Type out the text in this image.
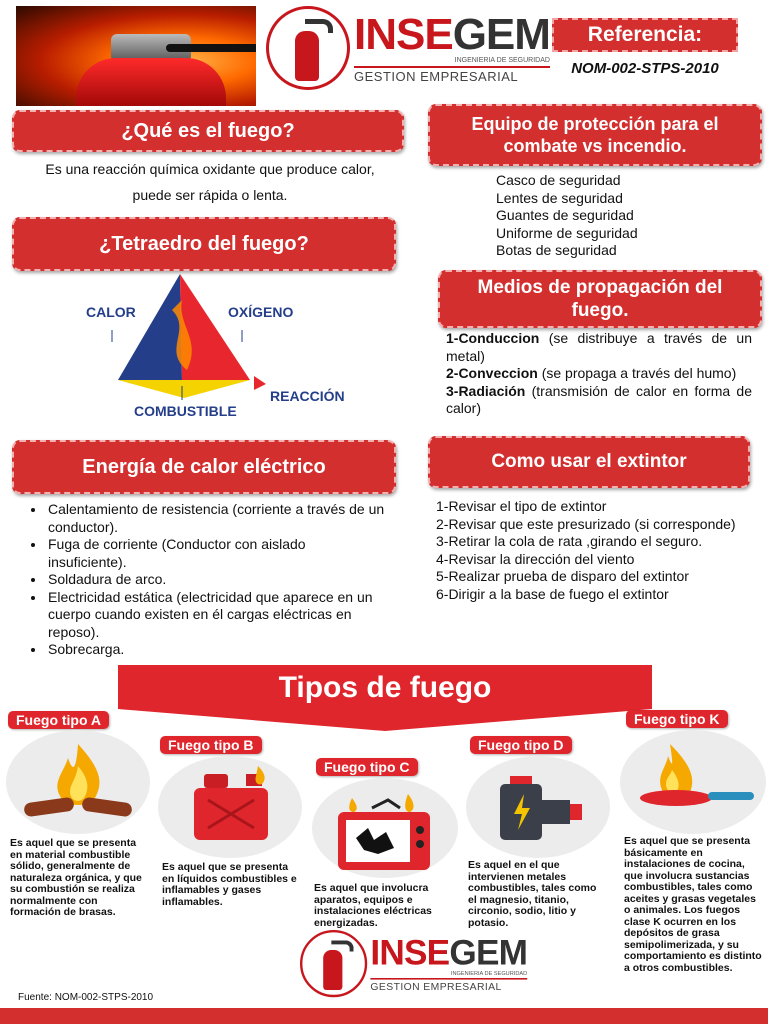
INSEGEM
INGENIERIA DE SEGURIDAD
GESTION EMPRESARIAL
Referencia:
NOM-002-STPS-2010
¿Qué es el fuego?
Es una reacción química oxidante que produce calor, puede ser rápida o lenta.
¿Tetraedro del fuego?
CALOR	OXÍGENO
COMBUSTIBLE
REACCIÓN
Energía de calor eléctrico
• Calentamiento de resistencia (corriente a través de un conductor).
• Fuga de corriente (Conductor con aislado insuficiente).
• Soldadura de arco.
• Electricidad estática (electricidad que aparece en un cuerpo cuando existen en él cargas eléctricas en reposo).
• Sobrecarga.
Equipo de protección para el combate vs incendio.
Casco de seguridad
Lentes de seguridad
Guantes de seguridad
Uniforme de seguridad
Botas de seguridad
Medios de propagación del fuego.

1-Conduccion (se distribuye a través de un metal)

2-Conveccion (se propaga a través del humo)

3-Radiación (transmisión de calor en forma de calor)

Como usar el extintor
1-Revisar el tipo de extintor
2-Revisar que este presurizado (si corresponde)
3-Retirar la cola de rata ,girando el seguro.
4-Revisar la dirección del viento
5-Realizar prueba de disparo del extintor
6-Dirigir a la base de fuego el extintor
Tipos de fuego
Fuego tipo A
Es aquel que se presenta en material combustible sólido, generalmente de naturaleza orgánica, y que su combustión se realiza normalmente con formación de brasas.
Fuego tipo B
Es aquel que se presenta en líquidos combustibles e inflamables y gases inflamables.
Fuego tipo C
Es aquel que involucra aparatos, equipos e instalaciones eléctricas energizadas.
Fuego tipo D
Es aquel en el que intervienen metales combustibles, tales como el magnesio, titanio, circonio, sodio, litio y potasio.
Fuego tipo K
Es aquel que se presenta básicamente en instalaciones de cocina, que involucra sustancias combustibles, tales como aceites y grasas vegetales o animales. Los fuegos clase K ocurren en los depósitos de grasa semipolimerizada, y su comportamiento es distinto a otros combustibles.
INSEGEM
INGENIERIA DE SEGURIDAD
GESTION EMPRESARIAL
Fuente: NOM-002-STPS-2010
